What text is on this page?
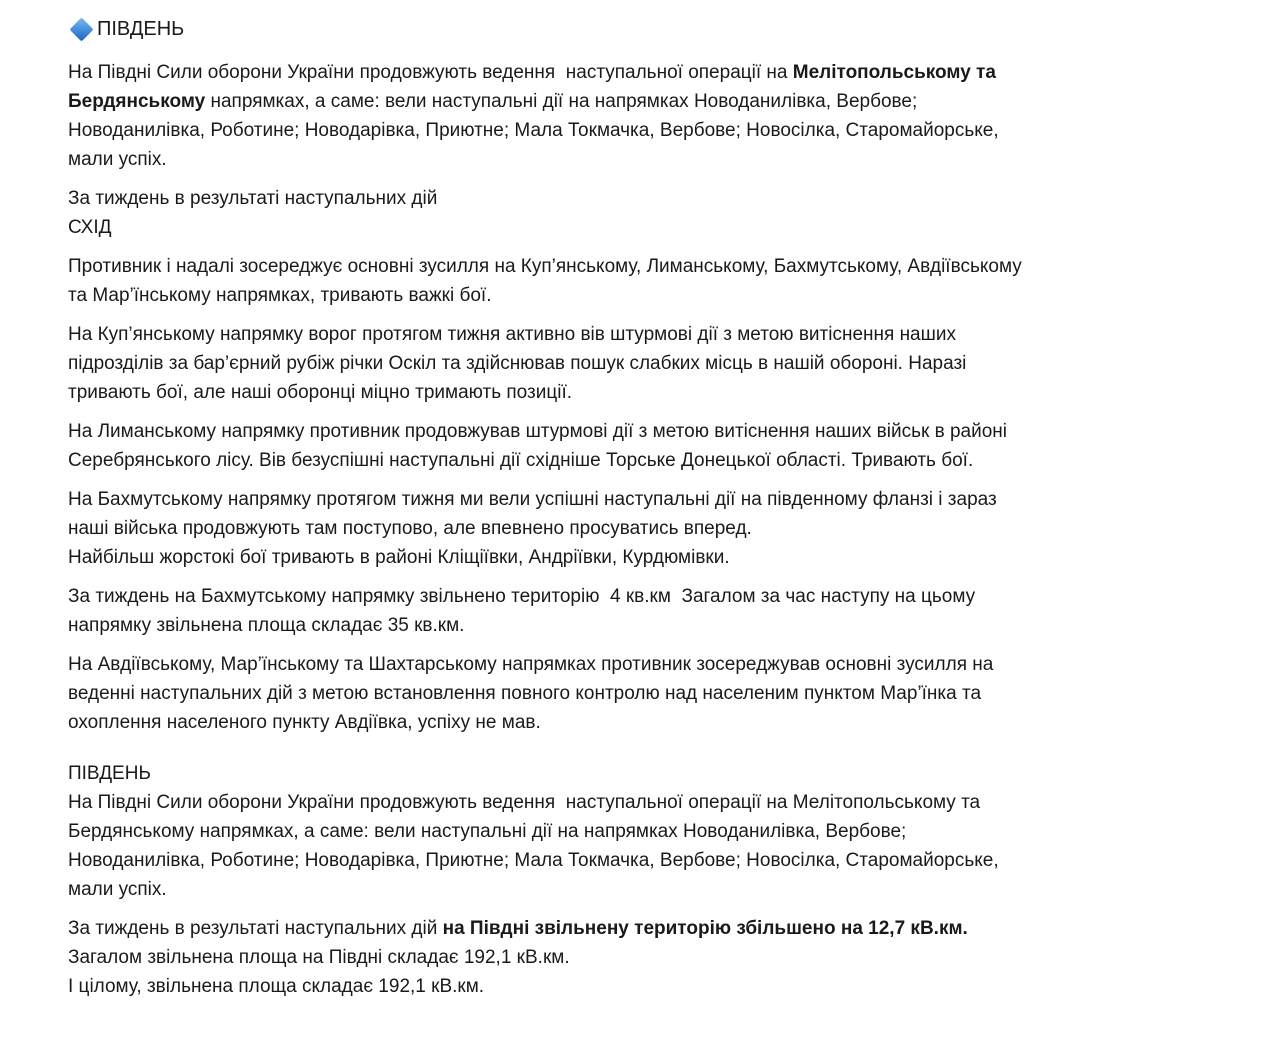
ПІВДЕНЬ

На Півдні Сили оборони України продовжують ведення  наступальної операції на Мелітопольському та Бердянському напрямках, а саме: вели наступальні дії на напрямках Новоданилівка, Вербове; Новоданилівка, Роботине; Новодарівка, Приютне; Мала Токмачка, Вербове; Новосілка, Старомайорське, мали успіх.

За тиждень в результаті наступальних дій
СХІД

Противник і надалі зосереджує основні зусилля на Куп’янському, Лиманському, Бахмутському, Авдіївському та Мар’їнському напрямках, тривають важкі бої.

На Куп’янському напрямку ворог протягом тижня активно вів штурмові дії з метою витіснення наших підрозділів за бар’єрний рубіж річки Оскіл та здійснював пошук слабких місць в нашій обороні. Наразі тривають бої, але наші оборонці міцно тримають позиції.

На Лиманському напрямку противник продовжував штурмові дії з метою витіснення наших військ в районі Серебрянського лісу. Вів безуспішні наступальні дії східніше Торське Донецької області. Тривають бої.

На Бахмутському напрямку протягом тижня ми вели успішні наступальні дії на південному фланзі і зараз наші війська продовжують там поступово, але впевнено просуватись вперед.
Найбільш жорстокі бої тривають в районі Кліщіївки, Андріївки, Курдюмівки.

За тиждень на Бахмутському напрямку звільнено територію  4 кв.км  Загалом за час наступу на цьому напрямку звільнена площа складає 35 кв.км.

На Авдіївському, Мар’їнському та Шахтарському напрямках противник зосереджував основні зусилля на веденні наступальних дій з метою встановлення повного контролю над населеним пунктом Мар’їнка та охоплення населеного пункту Авдіївка, успіху не мав.

ПІВДЕНЬ
На Півдні Сили оборони України продовжують ведення  наступальної операції на Мелітопольському та Бердянському напрямках, а саме: вели наступальні дії на напрямках Новоданилівка, Вербове; Новоданилівка, Роботине; Новодарівка, Приютне; Мала Токмачка, Вербове; Новосілка, Старомайорське, мали успіх.

За тиждень в результаті наступальних дій на Півдні звільнену територію збільшено на 12,7 кВ.км.
Загалом звільнена площа на Півдні складає 192,1 кВ.км.
І цілому, звільнена площа складає 192,1 кВ.км.
